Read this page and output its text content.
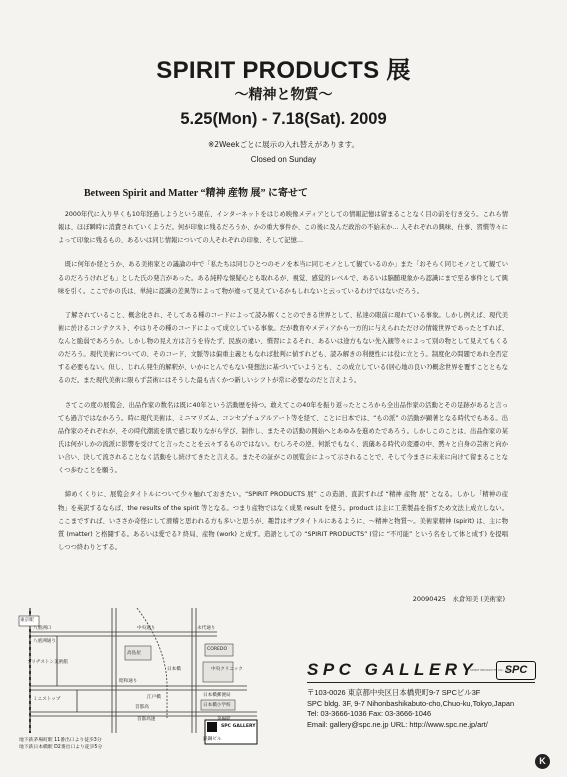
SPIRIT PRODUCTS 展
～精神と物質～
5.25(Mon) - 7.18(Sat). 2009
※2Weekごとに展示の入れ替えがあります。
Closed on Sunday
Between Spirit and Matter “精神 産物 展” に寄せて

2000年代に入り早くも10年経過しようという現在、インターネットをはじめ映像メディアとしての情報記憶は留まることなく目の前を行き交う。これら情報は、ほぼ瞬時に消費されていくようだ。何が印象に残るだろうか、かの重大事件か、この後に及んだ政治の不始末か… 人それぞれの興味、仕事、習慣等々によって印象に残るもの、あるいは同じ情報についての人それぞれの印象、そして記憶…

既に何年か経とうか、ある美術家との議論の中で「私たちは同じひとつのモノを本当に同じモノとして観ているのか」また「おそらく同じモノとして観ているのだろうけれども」とした氏の発言があった。ある純粋な懐疑心とも取れるが、視覚、感覚的レベルで、あるいは脳髄現象から認識にまで至る事件として興味を引く。ここでかの氏は、単純に認識の差異等によって物が違って見えているかもしれないと云っているわけではないだろう。

了解されていること、概念化され、そしてある種のコードによって読み解くことのできる世界として、私達の眼前に現れている事象。しかし例えば、現代美術に於けるコンテクスト、やはりその種のコードによって成立している事象。だが教育やメディアから一方的に与えられただけの情報世界であったとすれば、なんと脆弱であろうか。しかし物の見え方は言うを待たず、民族の違い、慣習によるそれ、あるいは途方もない先入観等々によって別の物として見えてもくるのだろう。現代美術についての、そのコード、文脈等は偏重主義ともなれば批判に値すれども、読み解きの利便性には役に立とう。制度化の問題であれ全否定する必要もない。但し、じれん発生的解釈が、いかにとんでもない発想法に基づいていようとも、この成立している(居心地の良い?)概念世界を覆すことともなるのだ。また現代美術に限らず芸術にはそうした最も古くかつ新しいシフトが常に必要なのだと言えよう。

さてこの度の展覧会、出品作家の数名は既に40年という活動歴を持つ。敢えてこの40年を振り返ったところから全出品作家の活動とその足跡があると言っても過言ではなかろう。時に現代美術は、ミニマリズム、コンセプチュアルアート等を経て、ことに日本では、“もの派” の活動が顕著となる時代でもある。出品作家のそれぞれが、その時代潮流を肌で感じ取りながら学び、制作し、またその活動の開始へとあゆみを進めたであろう。しかしこのことは、出品作家の某氏は何がしかの流派に影響を受けてと言ったことを云々するものではない。むしろその逆、何派でもなく、流儀ある時代の変遷の中、黙々と自身の芸術と向かい合い、決して流されることなく活動をし続けてきたと言える。またその証がこの展覧会によって示されることで、そして今まさに未来に向けて留まることなくつ歩むことを願う。

締めくくりに、展覧会タイトルについて少々触れておきたい。“SPIRIT PRODUCTS 展” この造語、直訳すれば “精神 産物 展” となる。しかし「精神の産物」を英訳するならば、the results of the spirit 等となる。つまり産物ではなく成果 result を使う。product は主に工業製品を指すため文法上成立しない。ここまですれば、いささか奇怪にして滑稽と思われる方も多いと思うが、趣旨はサブタイトルにあるように、～精神と物質～。美術家精神 (spirit) は、主に物質 (matter) と格闘する。あるいは愛でる? 終局、産物 (work) と成す。造語としての “SPIRIT PRODUCTS” (常に “不可能” という名をして体と成す) を提唱しつつ終わりとする。

20090425　永倉知美 (美術家)
東京駅
八重洲口
八重洲通り
ブリヂストン美術館
中央通り
高島屋
COREDO
日本橋
永代通り
中央クリニック
昭和通り
江戸橋	日本橋郵便局
茅場町
日本橋小学校
鉄鋼ビル
首都高速
SPC GALLERY
首都高
ミニストップ
地下鉄茅場町駅 11番出口より徒歩3分
地下鉄日本橋駅 D2番出口より徒歩5分
SPC GALLERY
SPIRIT PRODUCTS CO., LTD.
SPC
〒103-0026 東京都中央区日本橋兜町9-7 SPCビル3F
SPC bldg. 3F, 9-7 Nihonbashikabuto-cho,Chuo-ku,Tokyo,Japan
Tel: 03-3666-1036 Fax: 03-3666-1046
Email: gallery@spc.ne.jp URL: http://www.spc.ne.jp/art/
K
